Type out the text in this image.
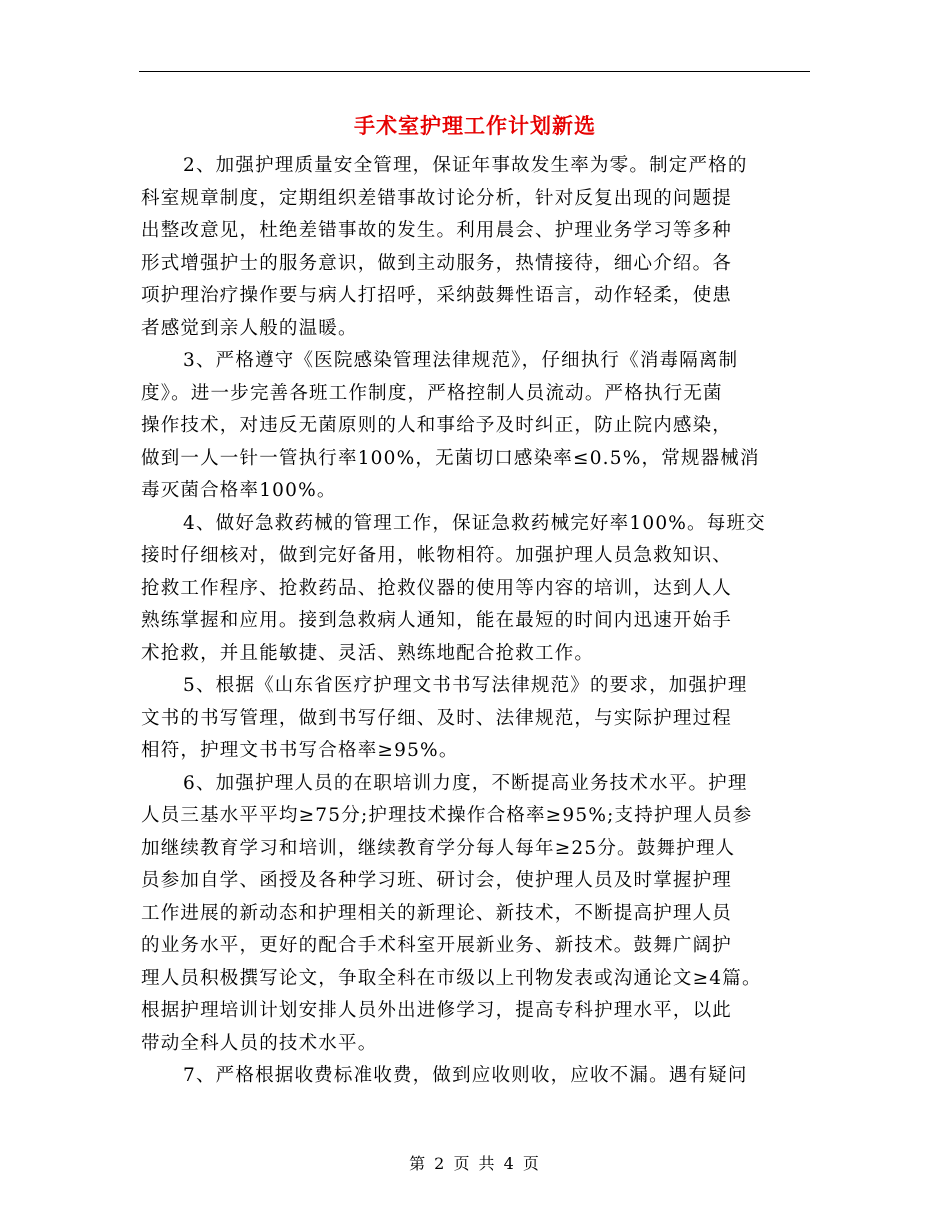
手术室护理工作计划新选
2、加强护理质量安全管理，保证年事故发生率为零。制定严格的
科室规章制度，定期组织差错事故讨论分析，针对反复出现的问题提
出整改意见，杜绝差错事故的发生。利用晨会、护理业务学习等多种
形式增强护士的服务意识，做到主动服务，热情接待，细心介绍。各
项护理治疗操作要与病人打招呼，采纳鼓舞性语言，动作轻柔，使患
者感觉到亲人般的温暖。
3、严格遵守《医院感染管理法律规范》，仔细执行《消毒隔离制
度》。进一步完善各班工作制度，严格控制人员流动。严格执行无菌
操作技术，对违反无菌原则的人和事给予及时纠正，防止院内感染，
做到一人一针一管执行率100%，无菌切口感染率≤0.5%，常规器械消
毒灭菌合格率100%。
4、做好急救药械的管理工作，保证急救药械完好率100%。每班交
接时仔细核对，做到完好备用，帐物相符。加强护理人员急救知识、
抢救工作程序、抢救药品、抢救仪器的使用等内容的培训，达到人人
熟练掌握和应用。接到急救病人通知，能在最短的时间内迅速开始手
术抢救，并且能敏捷、灵活、熟练地配合抢救工作。
5、根据《山东省医疗护理文书书写法律规范》的要求，加强护理
文书的书写管理，做到书写仔细、及时、法律规范，与实际护理过程
相符，护理文书书写合格率≥95%。
6、加强护理人员的在职培训力度，不断提高业务技术水平。护理
人员三基水平平均≥75分;护理技术操作合格率≥95%;支持护理人员参
加继续教育学习和培训，继续教育学分每人每年≥25分。鼓舞护理人
员参加自学、函授及各种学习班、研讨会，使护理人员及时掌握护理
工作进展的新动态和护理相关的新理论、新技术，不断提高护理人员
的业务水平，更好的配合手术科室开展新业务、新技术。鼓舞广阔护
理人员积极撰写论文，争取全科在市级以上刊物发表或沟通论文≥4篇。
根据护理培训计划安排人员外出进修学习，提高专科护理水平，以此
带动全科人员的技术水平。
7、严格根据收费标准收费，做到应收则收，应收不漏。遇有疑问
第 2 页 共 4 页
